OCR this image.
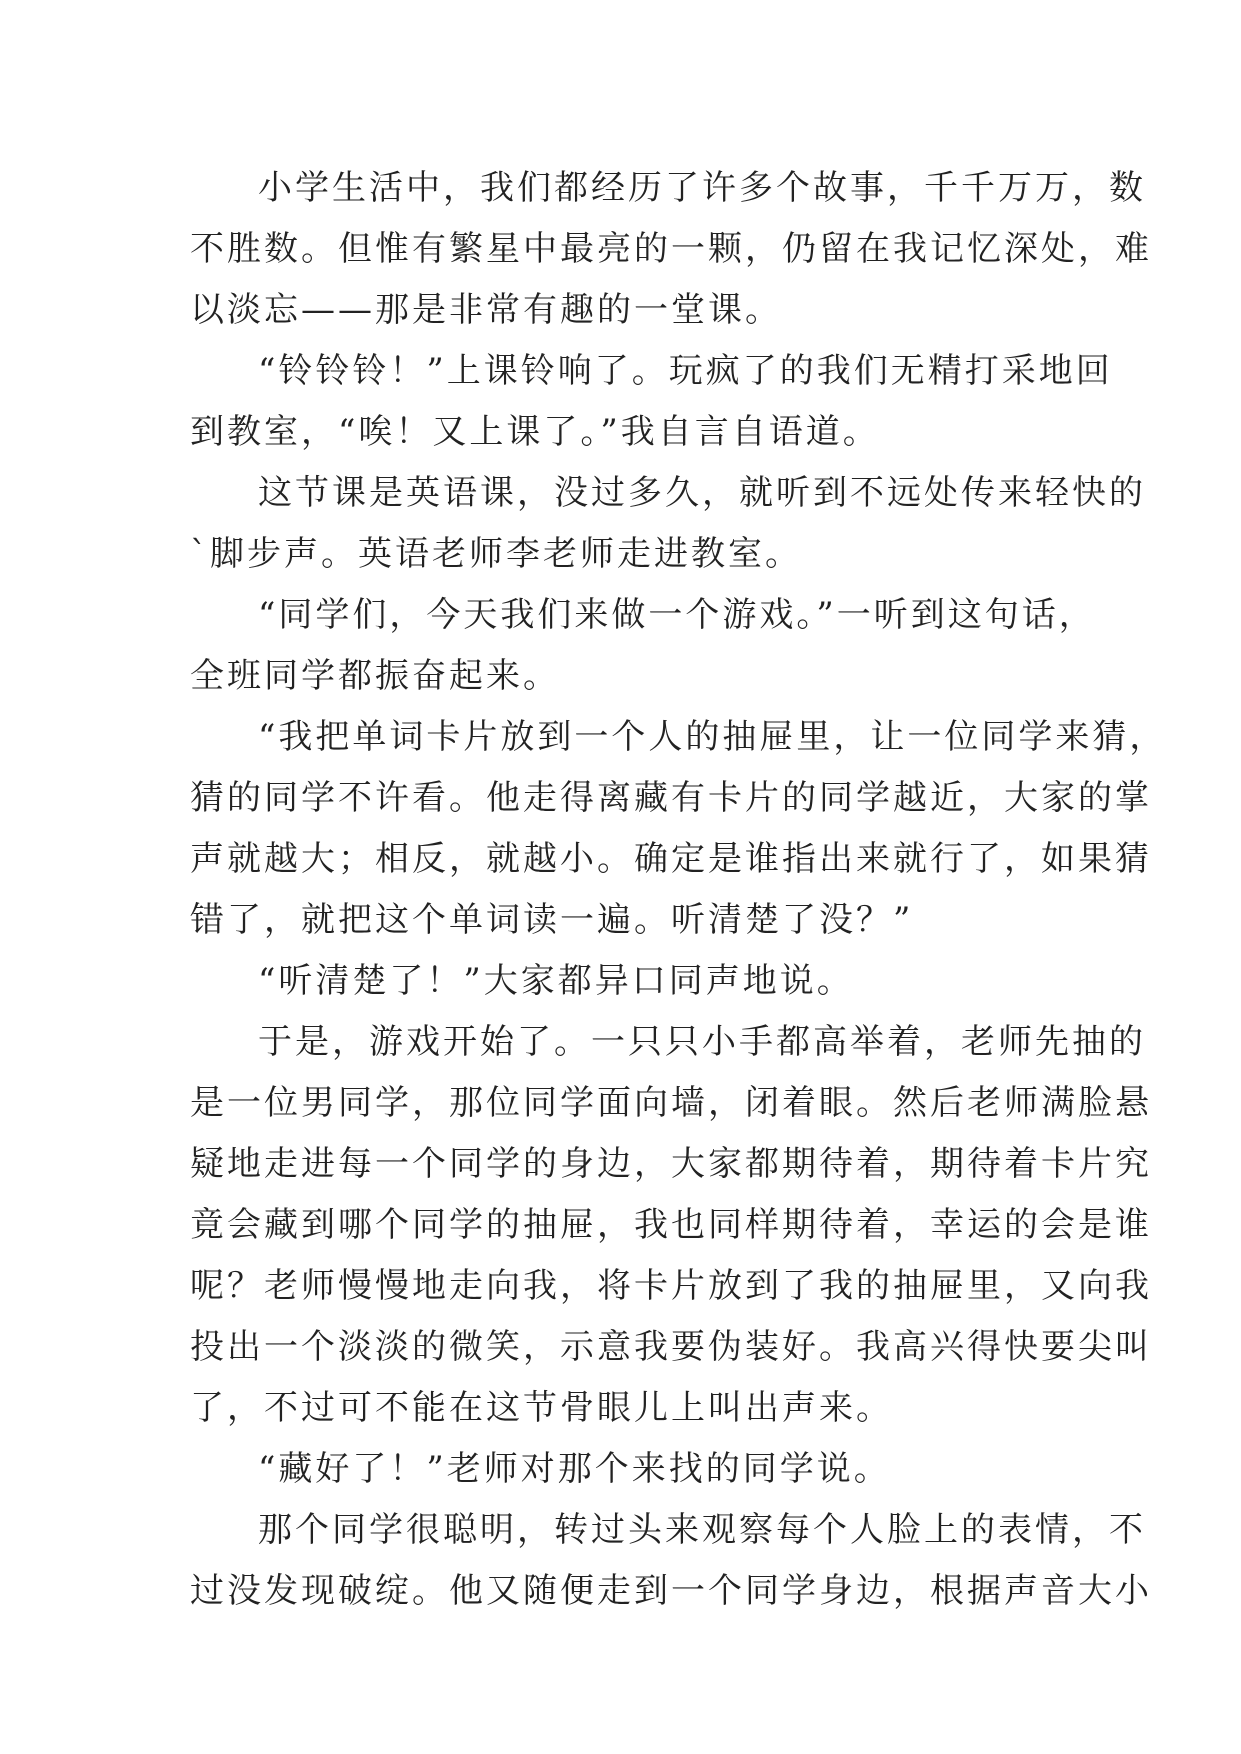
小学生活中，我们都经历了许多个故事，千千万万，数
不胜数。但惟有繁星中最亮的一颗，仍留在我记忆深处，难
以淡忘——那是非常有趣的一堂课。
“铃铃铃！”上课铃响了。玩疯了的我们无精打采地回
到教室，“唉！又上课了。”我自言自语道。
这节课是英语课，没过多久，就听到不远处传来轻快的
`脚步声。英语老师李老师走进教室。
“同学们，今天我们来做一个游戏。”一听到这句话，
全班同学都振奋起来。
“我把单词卡片放到一个人的抽屉里，让一位同学来猜，
猜的同学不许看。他走得离藏有卡片的同学越近，大家的掌
声就越大；相反，就越小。确定是谁指出来就行了，如果猜
错了，就把这个单词读一遍。听清楚了没？”
“听清楚了！”大家都异口同声地说。
于是，游戏开始了。一只只小手都高举着，老师先抽的
是一位男同学，那位同学面向墙，闭着眼。然后老师满脸悬
疑地走进每一个同学的身边，大家都期待着，期待着卡片究
竟会藏到哪个同学的抽屉，我也同样期待着，幸运的会是谁
呢？老师慢慢地走向我，将卡片放到了我的抽屉里，又向我
投出一个淡淡的微笑，示意我要伪装好。我高兴得快要尖叫
了，不过可不能在这节骨眼儿上叫出声来。
“藏好了！”老师对那个来找的同学说。
那个同学很聪明，转过头来观察每个人脸上的表情，不
过没发现破绽。他又随便走到一个同学身边，根据声音大小
